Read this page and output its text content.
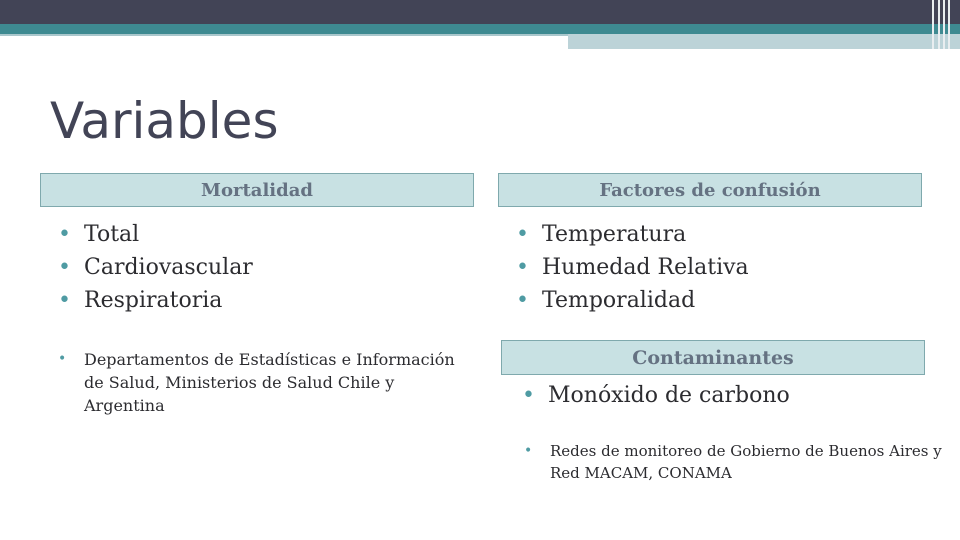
Variables
Mortalidad	Factores de confusión
Contaminantes
• Total
• Cardiovascular
• Respiratoria
• Departamentos de Estadísticas e Información de Salud, Ministerios de Salud Chile y Argentina
• Temperatura
• Humedad Relativa
• Temporalidad
• Monóxido de carbono
• Redes de monitoreo de Gobierno de Buenos Aires y Red MACAM, CONAMA
